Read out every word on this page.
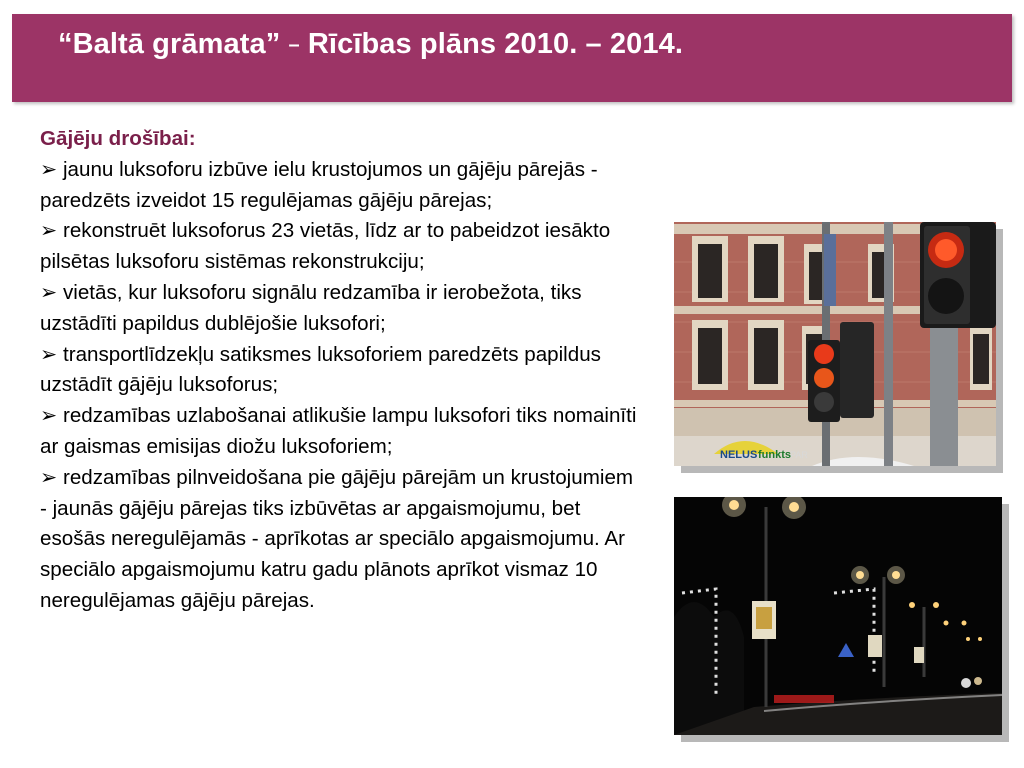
“Baltā grāmata” – Rīcības plāns 2010. – 2014.
Gājēju drošībai:
➢ jaunu luksoforu izbūve ielu krustojumos un gājēju pārejās - paredzēts izveidot 15 regulējamas gājēju pārejas;
➢ rekonstruēt luksoforus 23 vietās, līdz ar to pabeidzot iesākto pilsētas luksoforu sistēmas rekonstrukciju;
➢ vietās, kur luksoforu signālu redzamība ir ierobežota, tiks uzstādīti papildus dublējošie luksofori;
➢ transportlīdzekļu satiksmes luksoforiem paredzēts papildus uzstādīt gājēju luksoforus;
➢ redzamības uzlabošanai atlikušie lampu luksofori tiks nomainīti ar gaismas emisijas diožu luksoforiem;
➢ redzamības pilnveidošana pie gājēju pārejām un krustojumiem - jaunās gājēju pārejas tiks izbūvētas ar apgaismojumu, bet esošās neregulējamās - aprīkotas ar speciālo apgaismojumu. Ar speciālo apgaismojumu katru gadu plānots aprīkot vismaz 10 neregulējamas gājēju pārejas.
NELUS funkts PAR
